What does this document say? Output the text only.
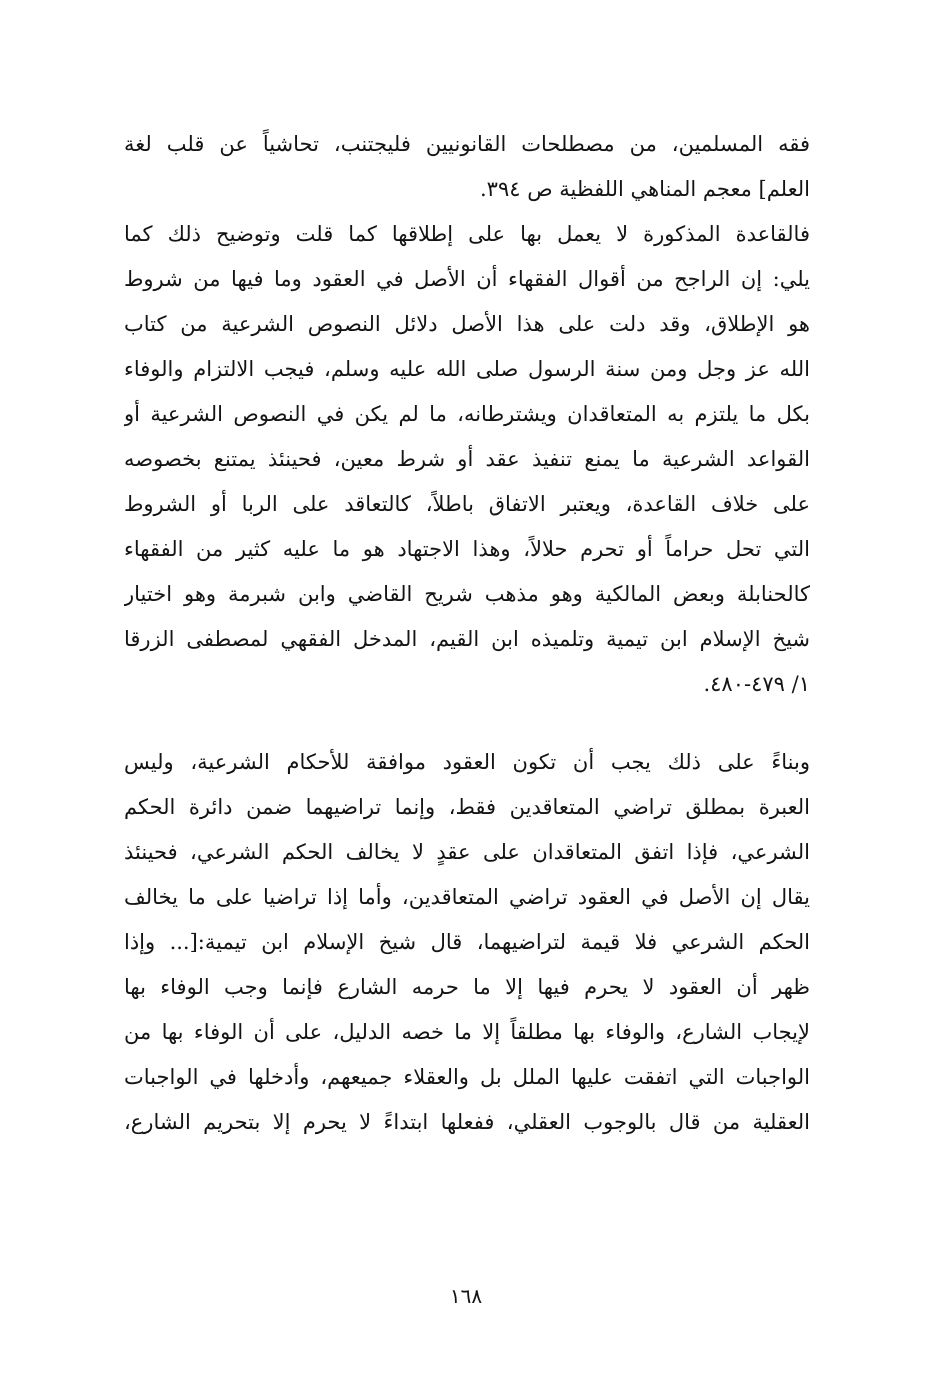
فقه المسلمين، من مصطلحات القانونيين فليجتنب، تحاشياً عن قلب لغة
العلم] معجم المناهي اللفظية ص ٣٩٤.
فالقاعدة المذكورة لا يعمل بها على إطلاقها كما قلت وتوضيح ذلك كما
يلي: إن الراجح من أقوال الفقهاء أن الأصل في العقود وما فيها من شروط
هو الإطلاق، وقد دلت على هذا الأصل دلائل النصوص الشرعية من كتاب
الله عز وجل ومن سنة الرسول صلى الله عليه وسلم، فيجب الالتزام والوفاء
بكل ما يلتزم به المتعاقدان ويشترطانه، ما لم يكن في النصوص الشرعية أو
القواعد الشرعية ما يمنع تنفيذ عقد أو شرط معين، فحينئذ يمتنع بخصوصه
على خلاف القاعدة، ويعتبر الاتفاق باطلاً، كالتعاقد على الربا أو الشروط
التي تحل حراماً أو تحرم حلالاً، وهذا الاجتهاد هو ما عليه كثير من الفقهاء
كالحنابلة وبعض المالكية وهو مذهب شريح القاضي وابن شبرمة وهو اختيار
شيخ الإسلام ابن تيمية وتلميذه ابن القيم، المدخل الفقهي لمصطفى الزرقا
١/ ٤٧٩-٤٨٠.
وبناءً على ذلك يجب أن تكون العقود موافقة للأحكام الشرعية، وليس
العبرة بمطلق تراضي المتعاقدين فقط، وإنما تراضيهما ضمن دائرة الحكم
الشرعي، فإذا اتفق المتعاقدان على عقدٍ لا يخالف الحكم الشرعي، فحينئذ
يقال إن الأصل في العقود تراضي المتعاقدين، وأما إذا تراضيا على ما يخالف
الحكم الشرعي فلا قيمة لتراضيهما، قال شيخ الإسلام ابن تيمية:[... وإذا
ظهر أن العقود لا يحرم فيها إلا ما حرمه الشارع فإنما وجب الوفاء بها
لإيجاب الشارع، والوفاء بها مطلقاً إلا ما خصه الدليل، على أن الوفاء بها من
الواجبات التي اتفقت عليها الملل بل والعقلاء جميعهم، وأدخلها في الواجبات
العقلية من قال بالوجوب العقلي، ففعلها ابتداءً لا يحرم إلا بتحريم الشارع،
١٦٨
